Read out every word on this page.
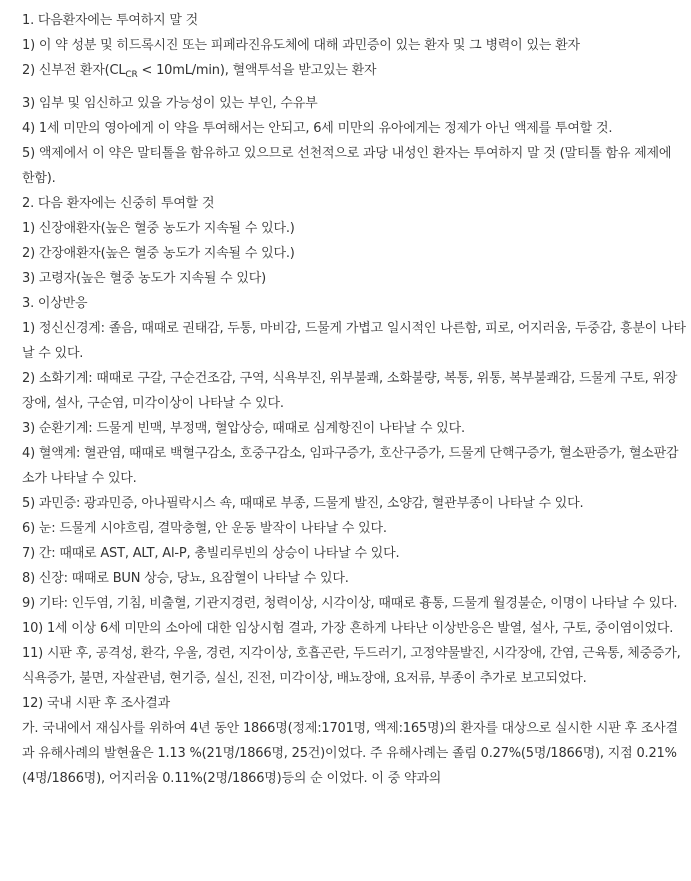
1. 다음환자에는 투여하지 말 것

1) 이 약 성분 및 히드록시진 또는 피페라진유도체에 대해 과민증이 있는 환자 및 그 병력이 있는 환자

2) 신부전 환자$(CL_{CR} < 10mL/\min)$, 혈액투석을 받고있는 환자

3) 임부 및 임신하고 있을 가능성이 있는 부인, 수유부

4) 1세 미만의 영아에게 이 약을 투여해서는 안되고, 6세 미만의 유아에게는 정제가 아닌 액제를 투여할 것.

5) 액제에서 이 약은 말티톨을 함유하고 있으므로 선천적으로 과당 내성인 환자는 투여하지 말 것 (말티톨 함유 제제에 한함).

2. 다음 환자에는 신중히 투여할 것

1) 신장애환자(높은 혈중 농도가 지속될 수 있다.)

2) 간장애환자(높은 혈중 농도가 지속될 수 있다.)

3) 고령자(높은 혈중 농도가 지속될 수 있다)

3. 이상반응

1) 정신신경계: 졸음, 때때로 권태감, 두통, 마비감, 드물게 가볍고 일시적인 나른함, 피로, 어지러움, 두중감, 흥분이 나타날 수 있다.

2) 소화기계: 때때로 구갈, 구순건조감, 구역, 식욕부진, 위부불쾌, 소화불량, 복통, 위통, 복부불쾌감, 드물게 구토, 위장장애, 설사, 구순염, 미각이상이 나타날 수 있다.

3) 순환기계: 드물게 빈맥, 부정맥, 혈압상승, 때때로 심계항진이 나타날 수 있다.

4) 혈액계: 혈관염, 때때로 백혈구감소, 호중구감소, 임파구증가, 호산구증가, 드물게 단핵구증가, 혈소판증가, 혈소판감소가 나타날 수 있다.

5) 과민증: 광과민증, 아나필락시스 쇽, 때때로 부종, 드물게 발진, 소양감, 혈관부종이 나타날 수 있다.

6) 눈: 드물게 시야흐림, 결막충혈, 안 운동 발작이 나타날 수 있다.

7) 간: 때때로 AST, ALT, Al-P, 총빌리루빈의 상승이 나타날 수 있다.

8) 신장: 때때로 BUN 상승, 당뇨, 요잠혈이 나타날 수 있다.

9) 기타: 인두염, 기침, 비출혈, 기관지경련, 청력이상, 시각이상, 때때로 흉통, 드물게 월경불순, 이명이 나타날 수 있다.

10) 1세 이상 6세 미만의 소아에 대한 임상시험 결과, 가장 흔하게 나타난 이상반응은 발열, 설사, 구토, 중이염이었다.

11) 시판 후, 공격성, 환각, 우울, 경련, 지각이상, 호흡곤란, 두드러기, 고정약물발진, 시각장애, 간염, 근육통, 체중증가, 식욕증가, 불면, 자살관념, 현기증, 실신, 진전, 미각이상, 배뇨장애, 요저류, 부종이 추가로 보고되었다.

12) 국내 시판 후 조사결과

가. 국내에서 재심사를 위하여 4년 동안 1866명(정제:1701명, 액제:165명)의 환자를 대상으로 실시한 시판 후 조사결과 유해사례의 발현율은 1.13 %(21명/1866명, 25건)이었다. 주 유해사례는 졸림 0.27%(5명/1866명), 지점 0.21%(4명/1866명), 어지러움 0.11%(2명/1866명)등의 순 이었다. 이 중 약과의
